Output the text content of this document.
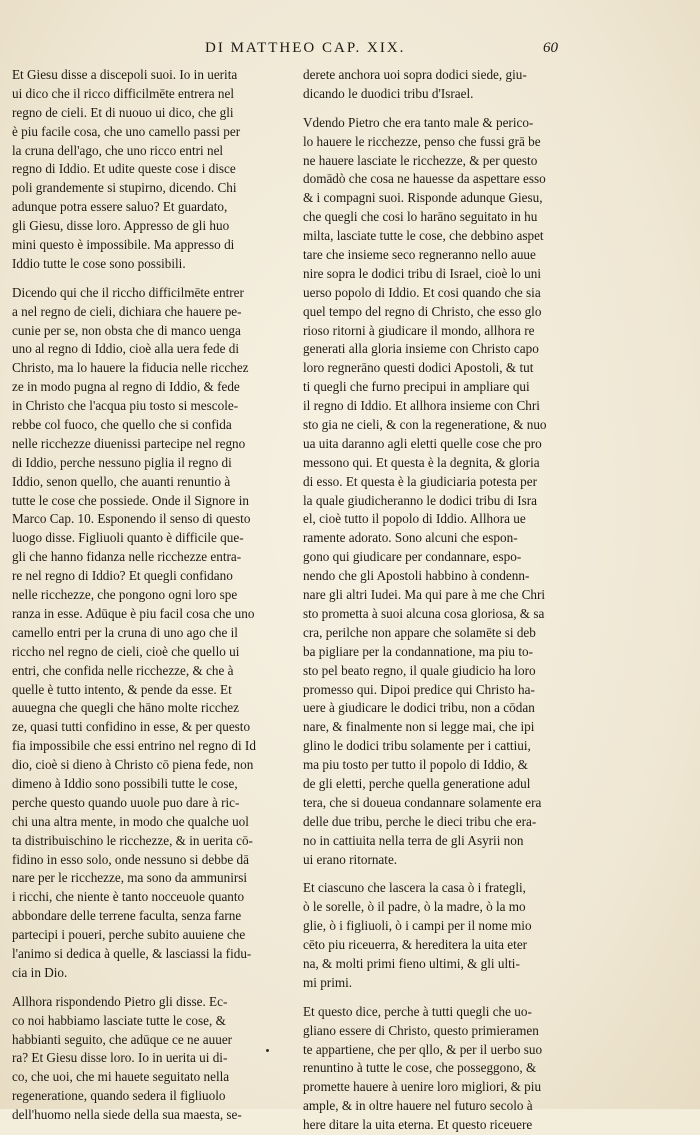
DI MATTHEO CAP. XIX.	60
Et Giesu disse a discepoli suoi. Io in uerita
ui dico che il ricco difficilmēte entrera nel
regno de cieli. Et di nuouo ui dico, che gli
è piu facile cosa, che uno camello passi per
la cruna dell'ago, che uno ricco entri nel
regno di Iddio. Et udite queste cose i disce
poli grandemente si stupirno, dicendo. Chi
adunque potra essere saluo? Et guardato,
gli Giesu, disse loro. Appresso de gli huo
mini questo è impossibile. Ma appresso di
Iddio tutte le cose sono possibili.
Dicendo qui che il riccho difficilmēte entrer
a nel regno de cieli, dichiara che hauere pe-
cunie per se, non obsta che di manco uenga
uno al regno di Iddio, cioè alla uera fede di
Christo, ma lo hauere la fiducia nelle ricchez
ze in modo pugna al regno di Iddio, & fede
in Christo che l'acqua piu tosto si mescole-
rebbe col fuoco, che quello che si confida
nelle ricchezze diuenissi partecipe nel regno
di Iddio, perche nessuno piglia il regno di
Iddio, senon quello, che auanti renuntio à
tutte le cose che possiede. Onde il Signore in
Marco Cap. 10. Esponendo il senso di questo
luogo disse. Figliuoli quanto è difficile que-
gli che hanno fidanza nelle ricchezze entra-
re nel regno di Iddio? Et quegli confidano
nelle ricchezze, che pongono ogni loro spe
ranza in esse. Adūque è piu facil cosa che uno
camello entri per la cruna di uno ago che il
riccho nel regno de cieli, cioè che quello ui
entri, che confida nelle ricchezze, & che à
quelle è tutto intento, & pende da esse. Et
auuegna che quegli che hāno molte ricchez
ze, quasi tutti confidino in esse, & per questo
fia impossibile che essi entrino nel regno di Id
dio, cioè si dieno à Christo cō piena fede, non
dimeno à Iddio sono possibili tutte le cose,
perche questo quando uuole puo dare à ric-
chi una altra mente, in modo che qualche uol
ta distribuischino le ricchezze, & in uerita cō-
fidino in esso solo, onde nessuno si debbe dā
nare per le ricchezze, ma sono da ammunirsi
i ricchi, che niente è tanto nocceuole quanto
abbondare delle terrene faculta, senza farne
partecipi i poueri, perche subito auuiene che
l'animo si dedica à quelle, & lasciassi la fidu-
cia in Dio.
Allhora rispondendo Pietro gli disse. Ec-
co noi habbiamo lasciate tutte le cose, &
habbianti seguito, che adūque ce ne auuer
ra? Et Giesu disse loro. Io in uerita ui di-
co, che uoi, che mi hauete seguitato nella
regeneratione, quando sedera il figliuolo
dell'huomo nella siede della sua maesta, se-
derete anchora uoi sopra dodici siede, giu-
dicando le duodici tribu d'Israel.
Vdendo Pietro che era tanto male & perico-
lo hauere le ricchezze, penso che fussi grā be
ne hauere lasciate le ricchezze, & per questo
domādò che cosa ne hauesse da aspettare esso
& i compagni suoi. Risponde adunque Giesu,
che quegli che cosi lo harāno seguitato in hu
milta, lasciate tutte le cose, che debbino aspet
tare che insieme seco regneranno nello auue
nire sopra le dodici tribu di Israel, cioè lo uni
uerso popolo di Iddio. Et cosi quando che sia
quel tempo del regno di Christo, che esso glo
rioso ritorni à giudicare il mondo, allhora re
generati alla gloria insieme con Christo capo
loro regnerāno questi dodici Apostoli, & tut
ti quegli che furno precipui in ampliare qui
il regno di Iddio. Et allhora insieme con Chri
sto gia ne cieli, & con la regeneratione, & nuo
ua uita daranno agli eletti quelle cose che pro
messono qui. Et questa è la degnita, & gloria
di esso. Et questa è la giudiciaria potesta per
la quale giudicheranno le dodici tribu di Isra
el, cioè tutto il popolo di Iddio. Allhora ue
ramente adorato. Sono alcuni che espon-
gono qui giudicare per condannare, espo-
nendo che gli Apostoli habbino à condenn-
nare gli altri Iudei. Ma qui pare à me che Chri
sto prometta à suoi alcuna cosa gloriosa, & sa
cra, perilche non appare che solamēte si deb
ba pigliare per la condannatione, ma piu to-
sto pel beato regno, il quale giudicio ha loro
promesso qui. Dipoi predice qui Christo ha-
uere à giudicare le dodici tribu, non a cōdan
nare, & finalmente non si legge mai, che ipi
glino le dodici tribu solamente per i cattiui,
ma piu tosto per tutto il popolo di Iddio, &
de gli eletti, perche quella generatione adul
tera, che si doueua condannare solamente era
delle due tribu, perche le dieci tribu che era-
no in cattiuita nella terra de gli Asyrii non
ui erano ritornate.
Et ciascuno che lascera la casa ò i frategli,
ò le sorelle, ò il padre, ò la madre, ò la mo
glie, ò i figliuoli, ò i campi per il nome mio
cēto piu riceuerra, & hereditera la uita eter
na, & molti primi fieno ultimi, & gli ulti-
mi primi.
Et questo dice, perche à tutti quegli che uo-
gliano essere di Christo, questo primieramen
te appartiene, che per qllo, & per il uerbo suo
renuntino à tutte le cose, che posseggono, &
promette hauere à uenire loro migliori, & piu
ample, & in oltre hauere nel futuro secolo à
here ditare la uita eterna. Et questo riceuere
